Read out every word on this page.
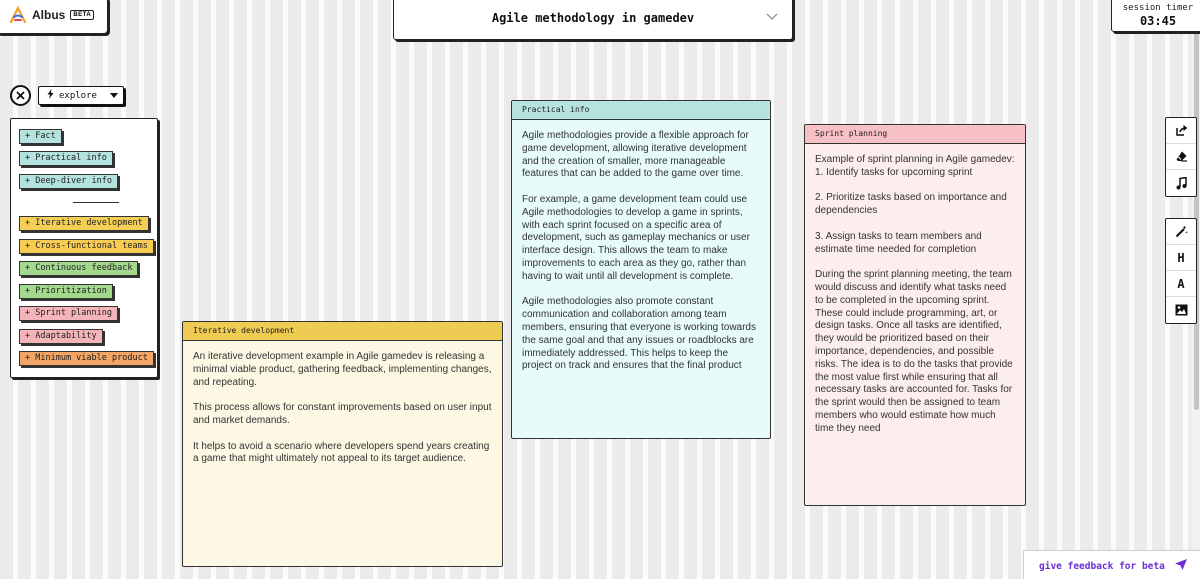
Albus	BETA	Agile methodology in gamedev
session timer
03:45
explore
+ Fact
+ Practical info
+ Deep-diver info
+ Iterative development
+ Cross-functional teams
+ Continuous feedback
+ Prioritization
+ Sprint planning
+ Adaptability
+ Minimum viable product
Iterative development
An iterative development example in Agile gamedev is releasing a minimal viable product, gathering feedback, implementing changes, and repeating.

This process allows for constant improvements based on user input and market demands.

It helps to avoid a scenario where developers spend years creating a game that might ultimately not appeal to its target audience.
Practical info
Agile methodologies provide a flexible approach for game development, allowing iterative development and the creation of smaller, more manageable features that can be added to the game over time.

For example, a game development team could use Agile methodologies to develop a game in sprints, with each sprint focused on a specific area of development, such as gameplay mechanics or user interface design. This allows the team to make improvements to each area as they go, rather than having to wait until all development is complete.

Agile methodologies also promote constant communication and collaboration among team members, ensuring that everyone is working towards the same goal and that any issues or roadblocks are immediately addressed. This helps to keep the project on track and ensures that the final product
Sprint planning
Example of sprint planning in Agile gamedev: 1. Identify tasks for upcoming sprint

2. Prioritize tasks based on importance and dependencies

3. Assign tasks to team members and estimate time needed for completion

During the sprint planning meeting, the team would discuss and identify what tasks need to be completed in the upcoming sprint. These could include programming, art, or design tasks. Once all tasks are identified, they would be prioritized based on their importance, dependencies, and possible risks. The idea is to do the tasks that provide the most value first while ensuring that all necessary tasks are accounted for. Tasks for the sprint would then be assigned to team members who would estimate how much time they need
H
A
give feedback for beta
